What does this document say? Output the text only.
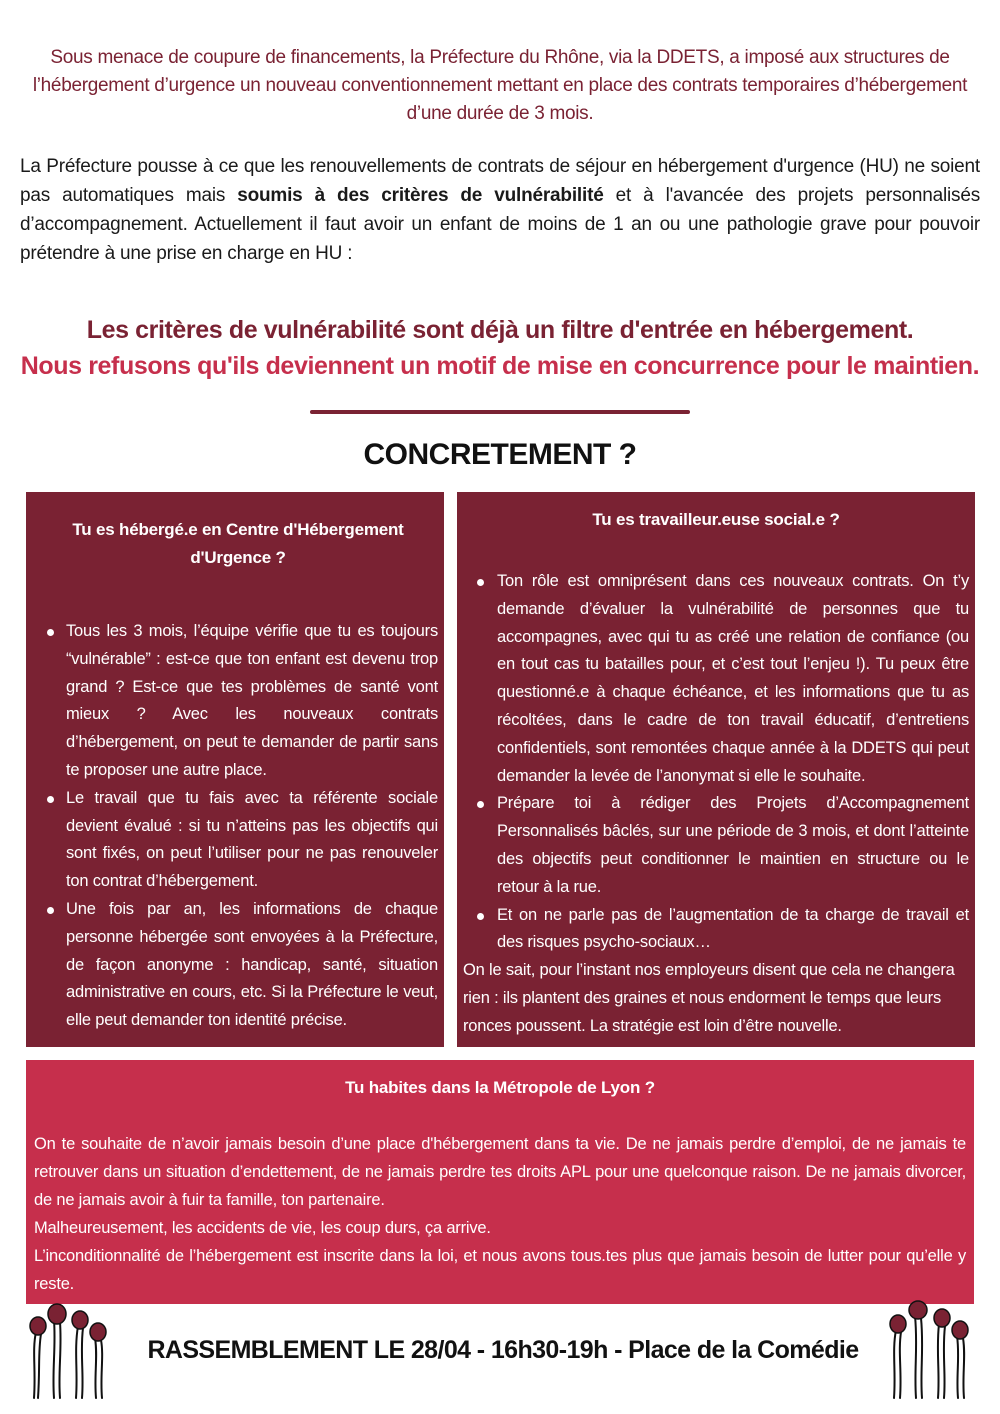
Sous menace de coupure de financements, la Préfecture du Rhône, via la DDETS, a imposé aux structures de l’hébergement d’urgence un nouveau conventionnement mettant en place des contrats temporaires d’hébergement d’une durée de 3 mois.
La Préfecture pousse à ce que les renouvellements de contrats de séjour en hébergement d'urgence (HU) ne soient pas automatiques mais soumis à des critères de vulnérabilité et à l'avancée des projets personnalisés d’accompagnement. Actuellement il faut avoir un enfant de moins de 1 an ou une pathologie grave pour pouvoir prétendre à une prise en charge en HU :
Les critères de vulnérabilité sont déjà un filtre d'entrée en hébergement.
Nous refusons qu'ils deviennent un motif de mise en concurrence pour le maintien.
CONCRETEMENT ?
Tu es hébergé.e en Centre d'Hébergement d'Urgence ?
Tous les 3 mois, l’équipe vérifie que tu es toujours “vulnérable” : est-ce que ton enfant est devenu trop grand ? Est-ce que tes problèmes de santé vont mieux ? Avec les nouveaux contrats d’hébergement, on peut te demander de partir sans te proposer une autre place.
Le travail que tu fais avec ta référente sociale devient évalué : si tu n’atteins pas les objectifs qui sont fixés, on peut l’utiliser pour ne pas renouveler ton contrat d’hébergement.
Une fois par an, les informations de chaque personne hébergée sont envoyées à la Préfecture, de façon anonyme : handicap, santé, situation administrative en cours, etc. Si la Préfecture le veut, elle peut demander ton identité précise.
Tu es travailleur.euse social.e ?
Ton rôle est omniprésent dans ces nouveaux contrats. On t’y demande d’évaluer la vulnérabilité de personnes que tu accompagnes, avec qui tu as créé une relation de confiance (ou en tout cas tu batailles pour, et c’est tout l’enjeu !). Tu peux être questionné.e à chaque échéance, et les informations que tu as récoltées, dans le cadre de ton travail éducatif, d’entretiens confidentiels, sont remontées chaque année à la DDETS qui peut demander la levée de l’anonymat si elle le souhaite.
Prépare toi à rédiger des Projets d’Accompagnement Personnalisés bâclés, sur une période de 3 mois, et dont l’atteinte des objectifs peut conditionner le maintien en structure ou le retour à la rue.
Et on ne parle pas de l’augmentation de ta charge de travail et des risques psycho-sociaux…
On le sait, pour l’instant nos employeurs disent que cela ne changera rien : ils plantent des graines et nous endorment le temps que leurs ronces poussent. La stratégie est loin d’être nouvelle.
Tu habites dans la Métropole de Lyon ?

On te souhaite de n’avoir jamais besoin d’une place d'hébergement dans ta vie. De ne jamais perdre d’emploi, de ne jamais te retrouver dans un situation d’endettement, de ne jamais perdre tes droits APL pour une quelconque raison. De ne jamais divorcer, de ne jamais avoir à fuir ta famille, ton partenaire.

Malheureusement, les accidents de vie, les coup durs, ça arrive.

L’inconditionnalité de l’hébergement est inscrite dans la loi, et nous avons tous.tes plus que jamais besoin de lutter pour qu’elle y reste.

RASSEMBLEMENT LE 28/04 - 16h30-19h - Place de la Comédie
